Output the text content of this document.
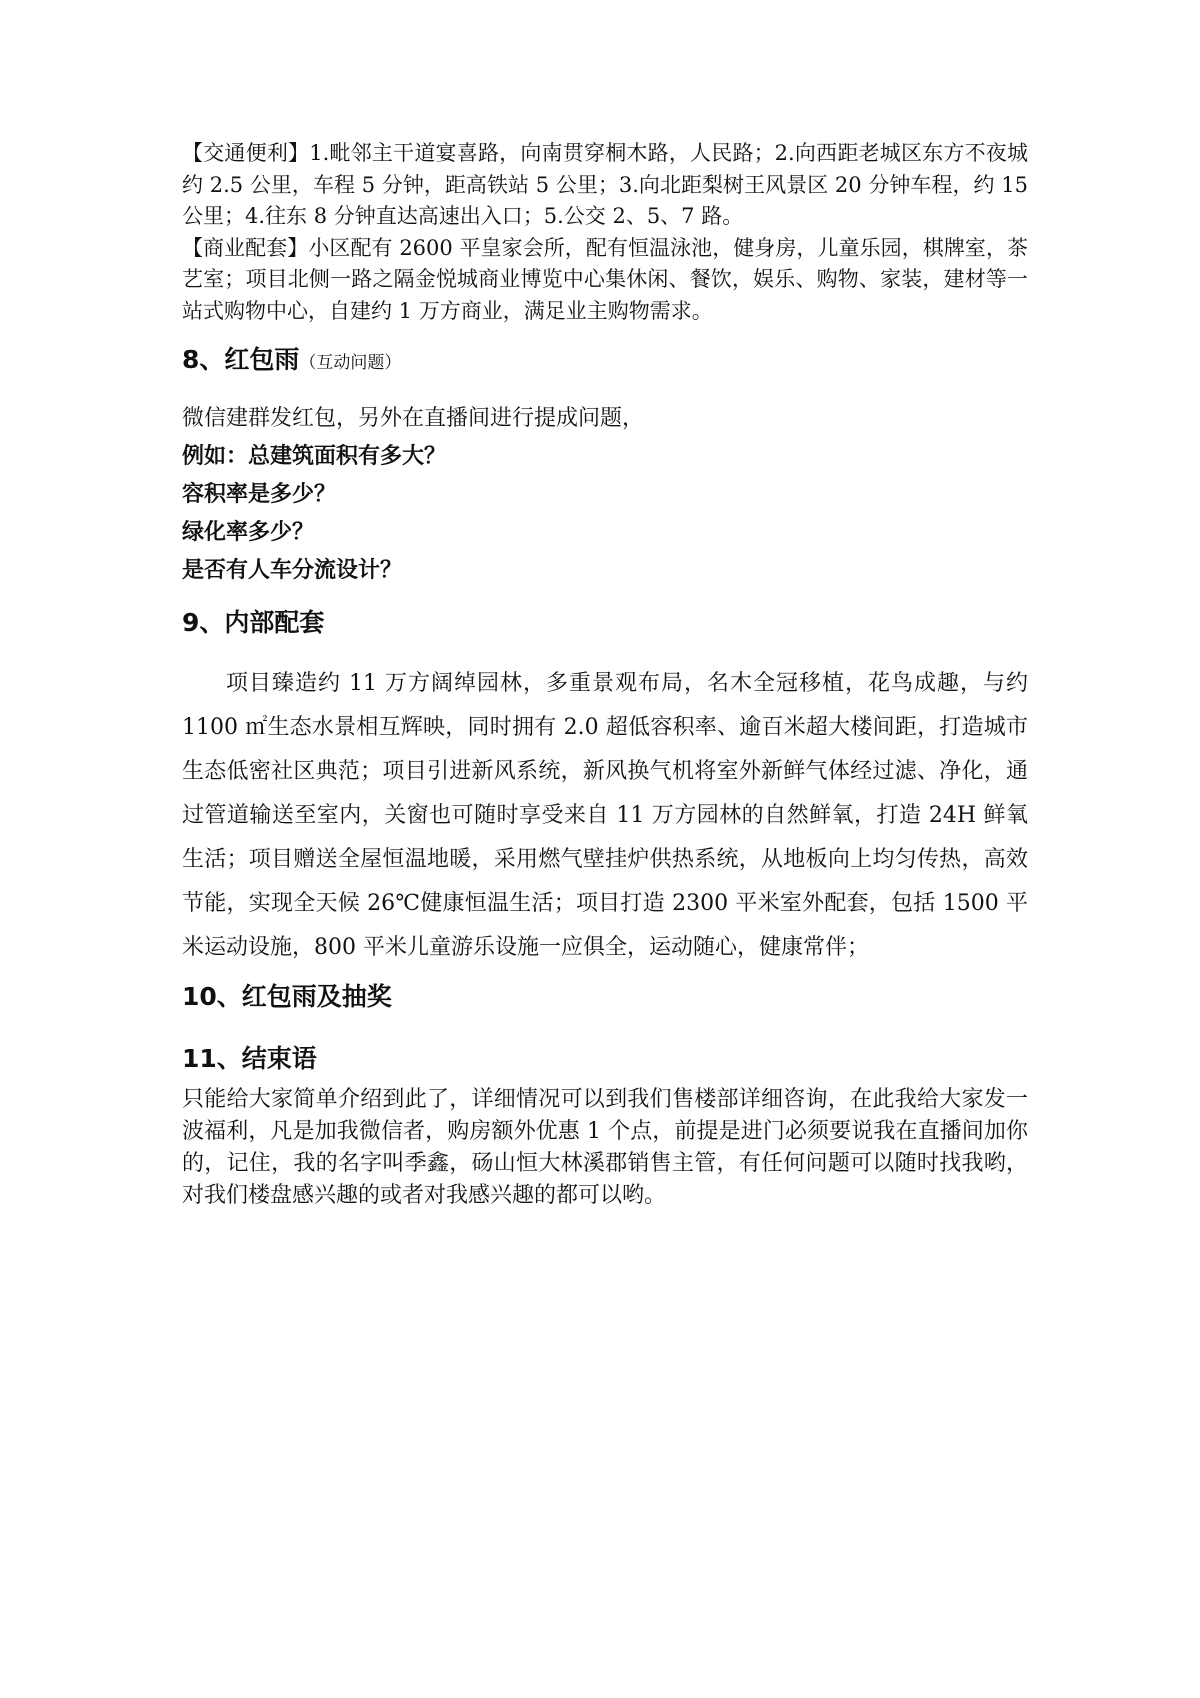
【交通便利】1.毗邻主干道宴喜路，向南贯穿桐木路，人民路；2.向西距老城区东方不夜城约 2.5 公里，车程 5 分钟，距高铁站 5 公里；3.向北距梨树王风景区 20 分钟车程，约 15 公里；4.往东 8 分钟直达高速出入口；5.公交 2、5、7 路。

【商业配套】小区配有 2600 平皇家会所，配有恒温泳池，健身房，儿童乐园，棋牌室，茶艺室；项目北侧一路之隔金悦城商业博览中心集休闲、餐饮，娱乐、购物、家装，建材等一站式购物中心，自建约 1 万方商业，满足业主购物需求。

8、红包雨（互动问题）

微信建群发红包，另外在直播间进行提成问题，

例如：总建筑面积有多大？

容积率是多少？

绿化率多少？

是否有人车分流设计？

9、内部配套

项目臻造约 11 万方阔绰园林，多重景观布局，名木全冠移植，花鸟成趣，与约 1100 ㎡生态水景相互辉映，同时拥有 2.0 超低容积率、逾百米超大楼间距，打造城市生态低密社区典范；项目引进新风系统，新风换气机将室外新鲜气体经过滤、净化，通过管道输送至室内，关窗也可随时享受来自 11 万方园林的自然鲜氧，打造 24H 鲜氧生活；项目赠送全屋恒温地暖，采用燃气壁挂炉供热系统，从地板向上均匀传热，高效节能，实现全天候 26℃健康恒温生活；项目打造 2300 平米室外配套，包括 1500 平米运动设施，800 平米儿童游乐设施一应俱全，运动随心，健康常伴；

10、红包雨及抽奖
11、结束语

只能给大家简单介绍到此了，详细情况可以到我们售楼部详细咨询，在此我给大家发一波福利，凡是加我微信者，购房额外优惠 1 个点，前提是进门必须要说我在直播间加你的，记住，我的名字叫季鑫，砀山恒大林溪郡销售主管，有任何问题可以随时找我哟，对我们楼盘感兴趣的或者对我感兴趣的都可以哟。
